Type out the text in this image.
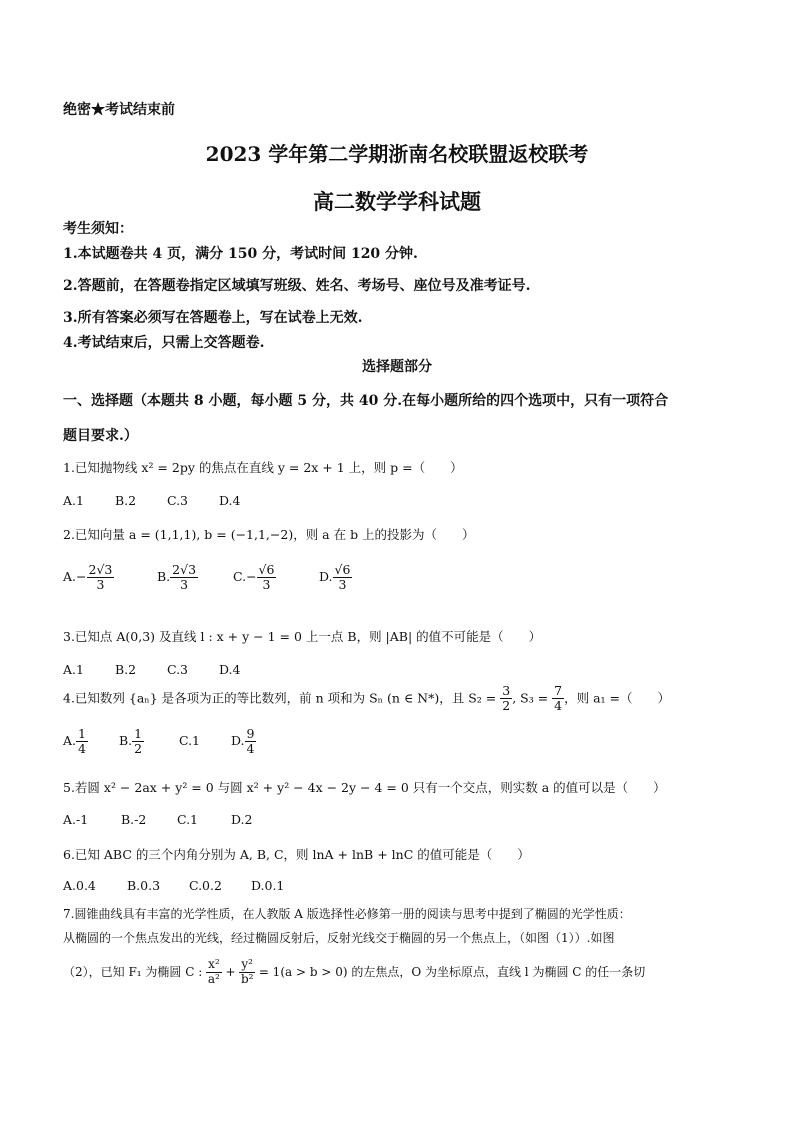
绝密★考试结束前
2023 学年第二学期浙南名校联盟返校联考
高二数学学科试题
考生须知：
1.本试题卷共 4 页，满分 150 分，考试时间 120 分钟.
2.答题前，在答题卷指定区域填写班级、姓名、考场号、座位号及准考证号.
3.所有答案必须写在答题卷上，写在试卷上无效.
4.考试结束后，只需上交答题卷.
选择题部分
一、选择题（本题共 8 小题，每小题 5 分，共 40 分.在每小题所给的四个选项中，只有一项符合
题目要求.）
1.已知抛物线 x² = 2py 的焦点在直线 y = 2x + 1 上，则 p =（　　）
A.1 B.2 C.3 D.4
2.已知向量 a = (1,1,1), b = (−1,1,−2)，则 a 在 b 上的投影为（　　）
$A.- \frac{2√3}{3}$	B. $\frac{2√3}{3}$	$C.- \frac{√6}{3}$	D. $\frac{√6}{3}$
3.已知点 A(0,3) 及直线 l : x + y − 1 = 0 上一点 B，则 |AB| 的值不可能是（　　）
A.1 B.2 C.3 D.4
4.已知数列 {aₙ} 是各项为正的等比数列，前 n 项和为 Sₙ (n ∈ N*)，且 $S_2 = \frac{3}{2}$ , $S_3 = \frac{7}{4}$ ，则 a₁ =（　　）
A. $\frac{1}{4} B$. $\frac{1}{2}$	C.1 D. $\frac{9}{4}$
5.若圆 x² − 2ax + y² = 0 与圆 x² + y² − 4x − 2y − 4 = 0 只有一个交点，则实数 a 的值可以是（　　）
A.-1	B.-2 C.1	D.2
6.已知 ABC 的三个内角分别为 A, B, C，则 lnA + lnB + lnC 的值可能是（　　）
A.0.4 B.0.3 C.0.2 D.0.1
7.圆锥曲线具有丰富的光学性质，在人教版 A 版选择性必修第一册的阅读与思考中提到了椭圆的光学性质：
从椭圆的一个焦点发出的光线，经过椭圆反射后，反射光线交于椭圆的另一个焦点上，（如图（1））.如图
（2），已知 F₁ 为椭圆 C : $\frac{\text{x²}}{\text{a²}} + \frac{\text{y²}}{\text{b²}} = 1(a > b > 0)$ 的左焦点，O 为坐标原点，直线 l 为椭圆 C 的任一条切
